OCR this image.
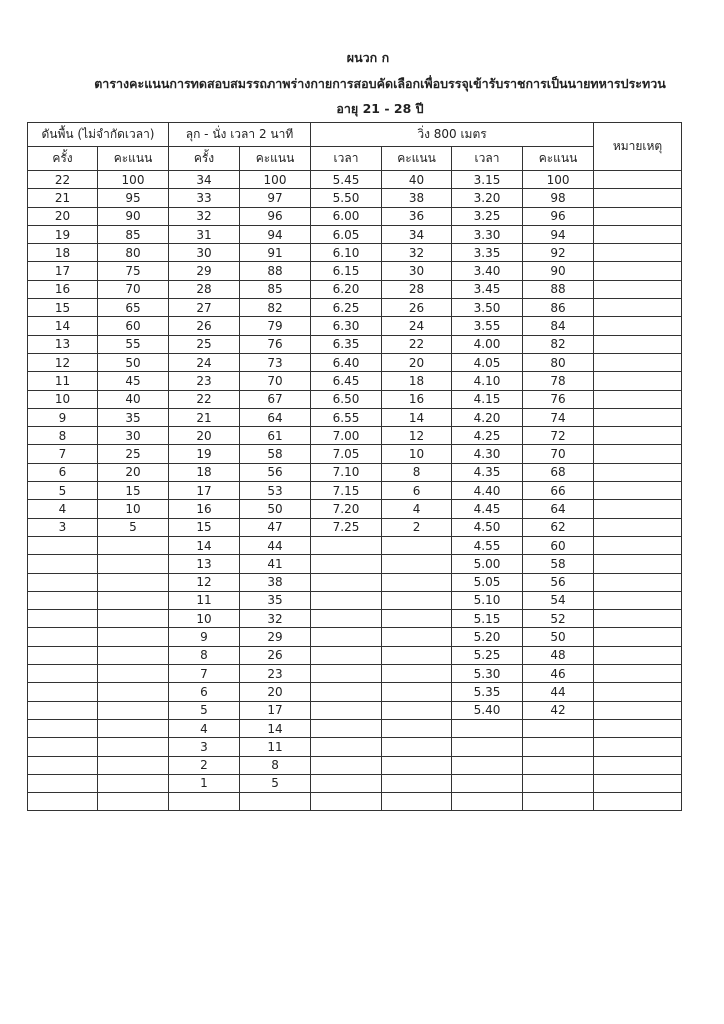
ผนวก ก
ตารางคะแนนการทดสอบสมรรถภาพร่างกายการสอบคัดเลือกเพื่อบรรจุเข้ารับราชการเป็นนายทหารประทวน
อายุ 21 - 28 ปี
ดันพื้น (ไม่จำกัดเวลา)		ลุก - นั่ง เวลา 2 นาที		วิ่ง 800 เมตร				หมายเหตุ
ครั้ง	คะแนน	ครั้ง	คะแนน	เวลา	คะแนน	เวลา	คะแนน	
22	100	34	100	5.45	40	3.15	100	
21	95	33	97	5.50	38	3.20	98	
20	90	32	96	6.00	36	3.25	96	
19	85	31	94	6.05	34	3.30	94	
18	80	30	91	6.10	32	3.35	92	
17	75	29	88	6.15	30	3.40	90	
16	70	28	85	6.20	28	3.45	88	
15	65	27	82	6.25	26	3.50	86	
14	60	26	79	6.30	24	3.55	84	
13	55	25	76	6.35	22	4.00	82	
12	50	24	73	6.40	20	4.05	80	
11	45	23	70	6.45	18	4.10	78	
10	40	22	67	6.50	16	4.15	76	
9	35	21	64	6.55	14	4.20	74	
8	30	20	61	7.00	12	4.25	72	
7	25	19	58	7.05	10	4.30	70	
6	20	18	56	7.10	8	4.35	68	
5	15	17	53	7.15	6	4.40	66	
4	10	16	50	7.20	4	4.45	64	
3	5	15	47	7.25	2	4.50	62	
		14	44			4.55	60	
		13	41			5.00	58	
		12	38			5.05	56	
		11	35			5.10	54	
		10	32			5.15	52	
		9	29			5.20	50	
		8	26			5.25	48	
		7	23			5.30	46	
		6	20			5.35	44	
		5	17			5.40	42	
		4	14					
		3	11					
		2	8					
		1	5					
